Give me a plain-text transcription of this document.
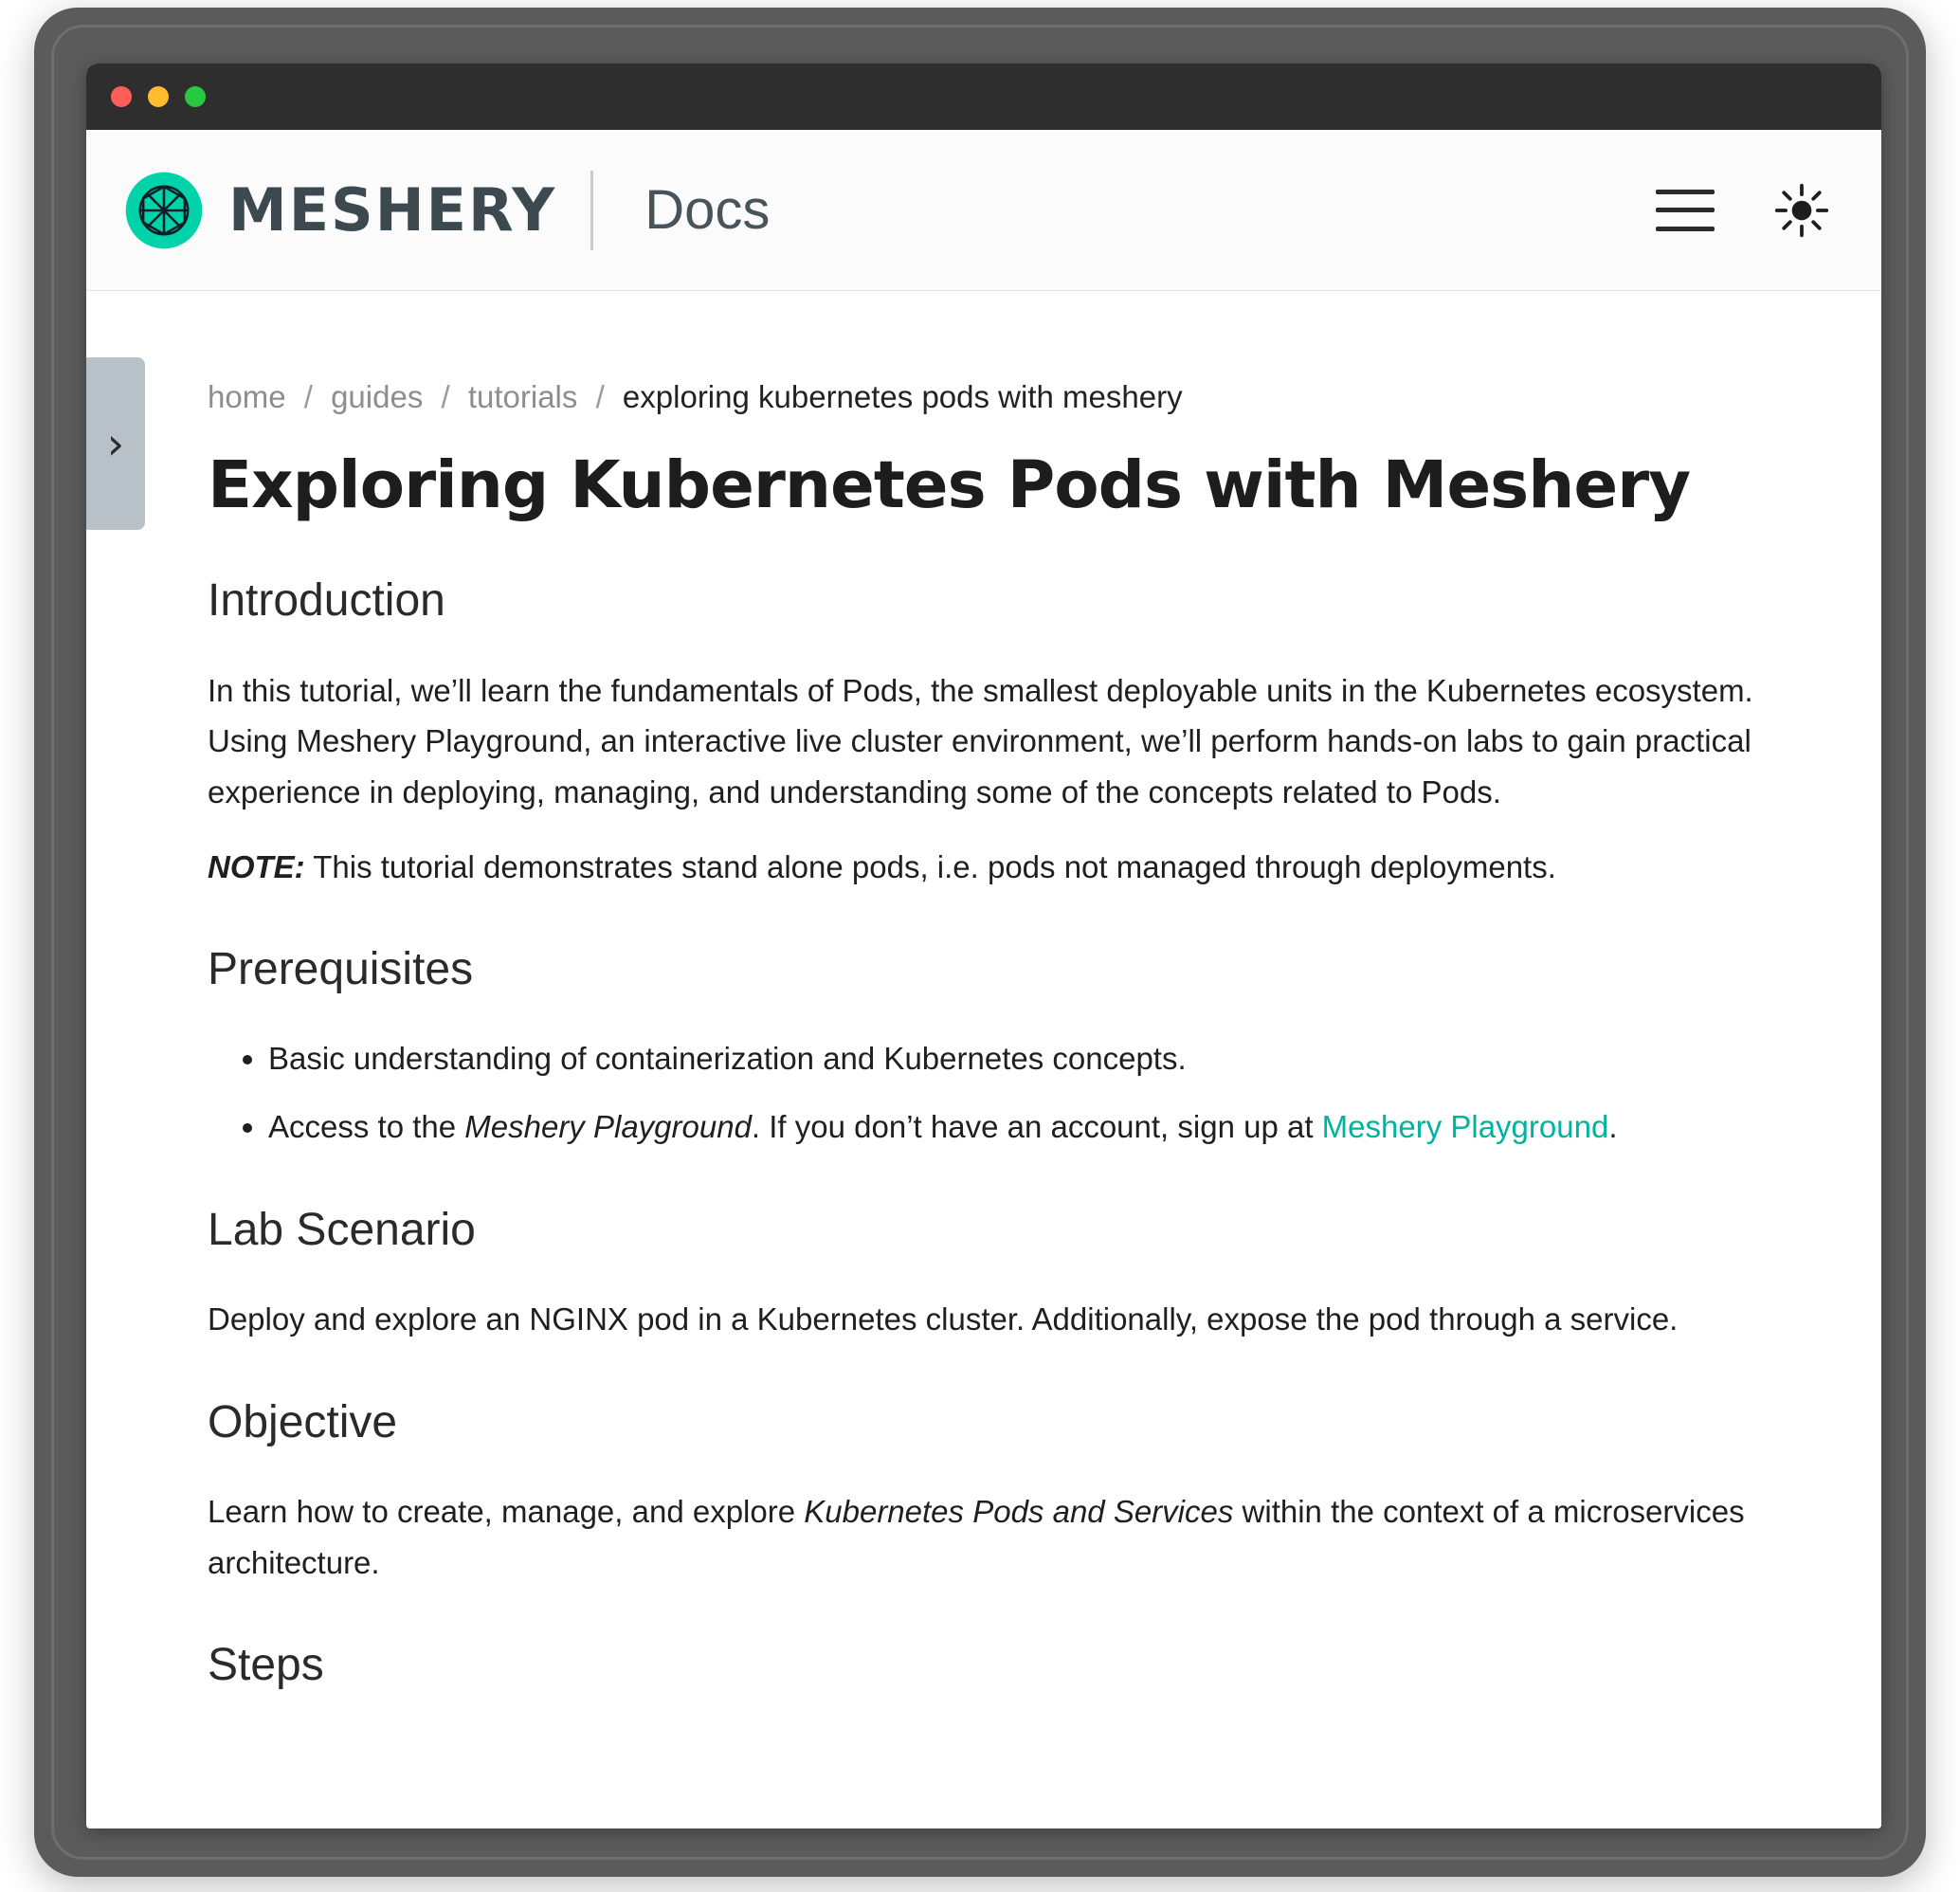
MESHERY Docs
›
home / guides / tutorials / exploring kubernetes pods with meshery
Exploring Kubernetes Pods with Meshery
Introduction

In this tutorial, we’ll learn the fundamentals of Pods, the smallest deployable units in the Kubernetes ecosystem. Using Meshery Playground, an interactive live cluster environment, we’ll perform hands-on labs to gain practical experience in deploying, managing, and understanding some of the concepts related to Pods.

NOTE: This tutorial demonstrates stand alone pods, i.e. pods not managed through deployments.

Prerequisites
• Basic understanding of containerization and Kubernetes concepts.
• Access to the Meshery Playground. If you don’t have an account, sign up at Meshery Playground.
Lab Scenario

Deploy and explore an NGINX pod in a Kubernetes cluster. Additionally, expose the pod through a service.

Objective

Learn how to create, manage, and explore Kubernetes Pods and Services within the context of a microservices architecture.

Steps
